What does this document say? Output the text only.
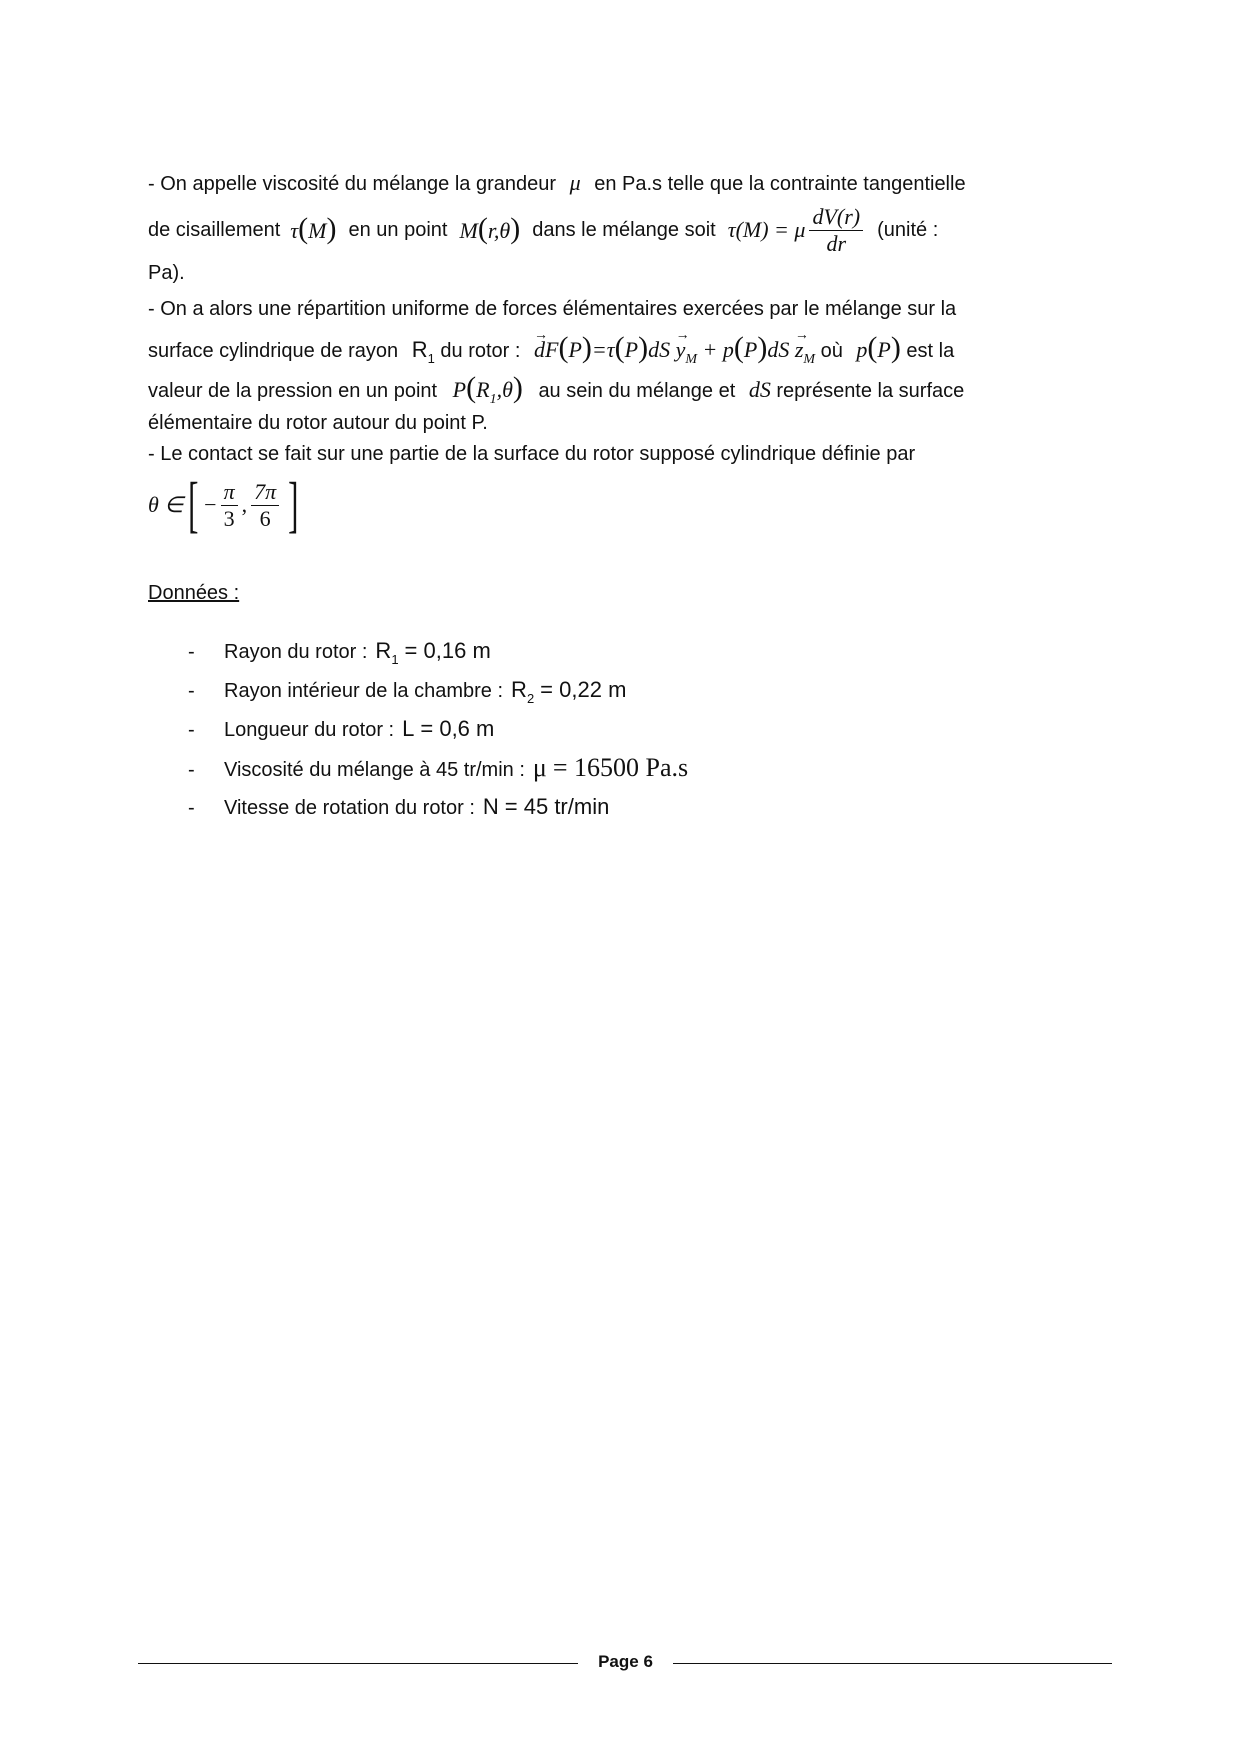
- On appelle viscosité du mélange la grandeur μ en Pa.s telle que la contrainte tangentielle
de cisaillement τ(M) en un point M(r,θ) dans le mélange soit τ(M) = μ $\frac{dV(r)}{dr}$ (unité :
Pa).
- On a alors une répartition uniforme de forces élémentaires exercées par le mélange sur la
surface cylindrique de rayon $R_1$ du rotor : → $dF(P)=\tau(P)dS \to y_M + p(P)dS \to z_M$ où p(P) est la
valeur de la pression en un point $P(R_1,\theta)$ au sein du mélange et dS représente la surface
élémentaire du rotor autour du point P.
- Le contact se fait sur une partie de la surface du rotor supposé cylindrique définie par
θ ∈ [ − $\frac{\pi}{3}$ , $\frac{7\pi}{6}$ ]
Données :
-	Rayon du rotor : $R_1 = 0,16$ m
-	Rayon intérieur de la chambre : $R_2 = 0,22$ m
-	Longueur du rotor : L = 0,6 m
-	Viscosité du mélange à 45 tr/min : μ = 16500 Pa.s
-	Vitesse de rotation du rotor : N = 45 tr/min
Page 6
